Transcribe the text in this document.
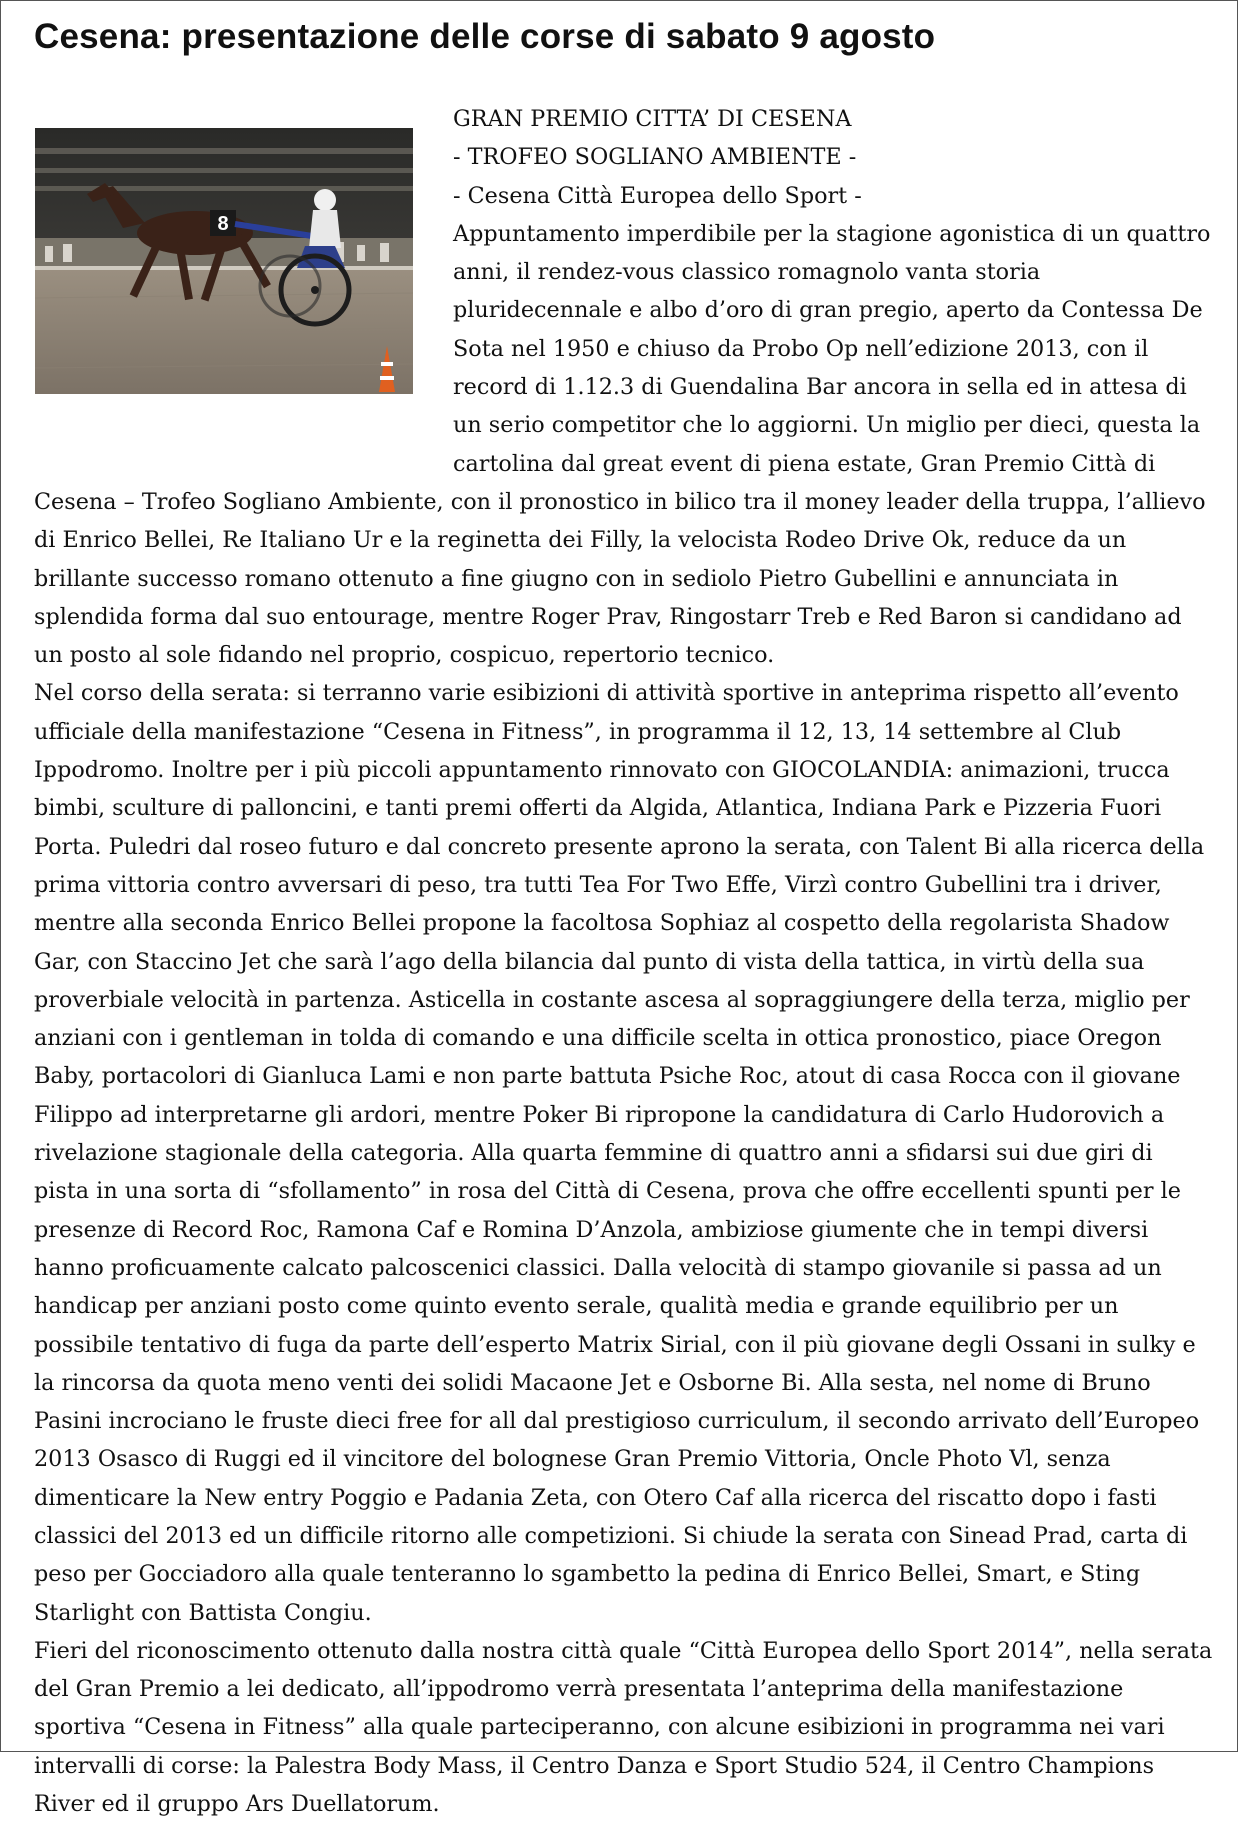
Cesena: presentazione delle corse di sabato 9 agosto
8

GRAN PREMIO CITTA’ DI CESENA
- TROFEO SOGLIANO AMBIENTE -
- Cesena Città Europea dello Sport -

Appuntamento imperdibile per la stagione agonistica di un quattro anni, il rendez-vous classico romagnolo vanta storia pluridecennale e albo d’oro di gran pregio, aperto da Contessa De Sota nel 1950 e chiuso da Probo Op nell’edizione 2013, con il record di 1.12.3 di Guendalina Bar ancora in sella ed in attesa di un serio competitor che lo aggiorni. Un miglio per dieci, questa la cartolina dal great event di piena estate, Gran Premio Città di Cesena – Trofeo Sogliano Ambiente, con il pronostico in bilico tra il money leader della truppa, l’allievo di Enrico Bellei, Re Italiano Ur e la reginetta dei Filly, la velocista Rodeo Drive Ok, reduce da un brillante successo romano ottenuto a fine giugno con in sediolo Pietro Gubellini e annunciata in splendida forma dal suo entourage, mentre Roger Prav, Ringostarr Treb e Red Baron si candidano ad un posto al sole fidando nel proprio, cospicuo, repertorio tecnico.

Nel corso della serata: si terranno varie esibizioni di attività sportive in anteprima rispetto all’evento ufficiale della manifestazione “Cesena in Fitness”, in programma il 12, 13, 14 settembre al Club Ippodromo. Inoltre per i più piccoli appuntamento rinnovato con GIOCOLANDIA: animazioni, trucca bimbi, sculture di palloncini, e tanti premi offerti da Algida, Atlantica, Indiana Park e Pizzeria Fuori Porta. Puledri dal roseo futuro e dal concreto presente aprono la serata, con Talent Bi alla ricerca della prima vittoria contro avversari di peso, tra tutti Tea For Two Effe, Virzì contro Gubellini tra i driver, mentre alla seconda Enrico Bellei propone la facoltosa Sophiaz al cospetto della regolarista Shadow Gar, con Staccino Jet che sarà l’ago della bilancia dal punto di vista della tattica, in virtù della sua proverbiale velocità in partenza. Asticella in costante ascesa al sopraggiungere della terza, miglio per anziani con i gentleman in tolda di comando e una difficile scelta in ottica pronostico, piace Oregon Baby, portacolori di Gianluca Lami e non parte battuta Psiche Roc, atout di casa Rocca con il giovane Filippo ad interpretarne gli ardori, mentre Poker Bi ripropone la candidatura di Carlo Hudorovich a rivelazione stagionale della categoria. Alla quarta femmine di quattro anni a sfidarsi sui due giri di pista in una sorta di “sfollamento” in rosa del Città di Cesena, prova che offre eccellenti spunti per le presenze di Record Roc, Ramona Caf e Romina D’Anzola, ambiziose giumente che in tempi diversi hanno proficuamente calcato palcoscenici classici. Dalla velocità di stampo giovanile si passa ad un handicap per anziani posto come quinto evento serale, qualità media e grande equilibrio per un possibile tentativo di fuga da parte dell’esperto Matrix Sirial, con il più giovane degli Ossani in sulky e la rincorsa da quota meno venti dei solidi Macaone Jet e Osborne Bi. Alla sesta, nel nome di Bruno Pasini incrociano le fruste dieci free for all dal prestigioso curriculum, il secondo arrivato dell’Europeo 2013 Osasco di Ruggi ed il vincitore del bolognese Gran Premio Vittoria, Oncle Photo Vl, senza dimenticare la New entry Poggio e Padania Zeta, con Otero Caf alla ricerca del riscatto dopo i fasti classici del 2013 ed un difficile ritorno alle competizioni. Si chiude la serata con Sinead Prad, carta di peso per Gocciadoro alla quale tenteranno lo sgambetto la pedina di Enrico Bellei, Smart, e Sting Starlight con Battista Congiu.

Fieri del riconoscimento ottenuto dalla nostra città quale “Città Europea dello Sport 2014”, nella serata del Gran Premio a lei dedicato, all’ippodromo verrà presentata l’anteprima della manifestazione sportiva “Cesena in Fitness” alla quale parteciperanno, con alcune esibizioni in programma nei vari intervalli di corse: la Palestra Body Mass, il Centro Danza e Sport Studio 524, il Centro Champions River ed il gruppo Ars Duellatorum.
